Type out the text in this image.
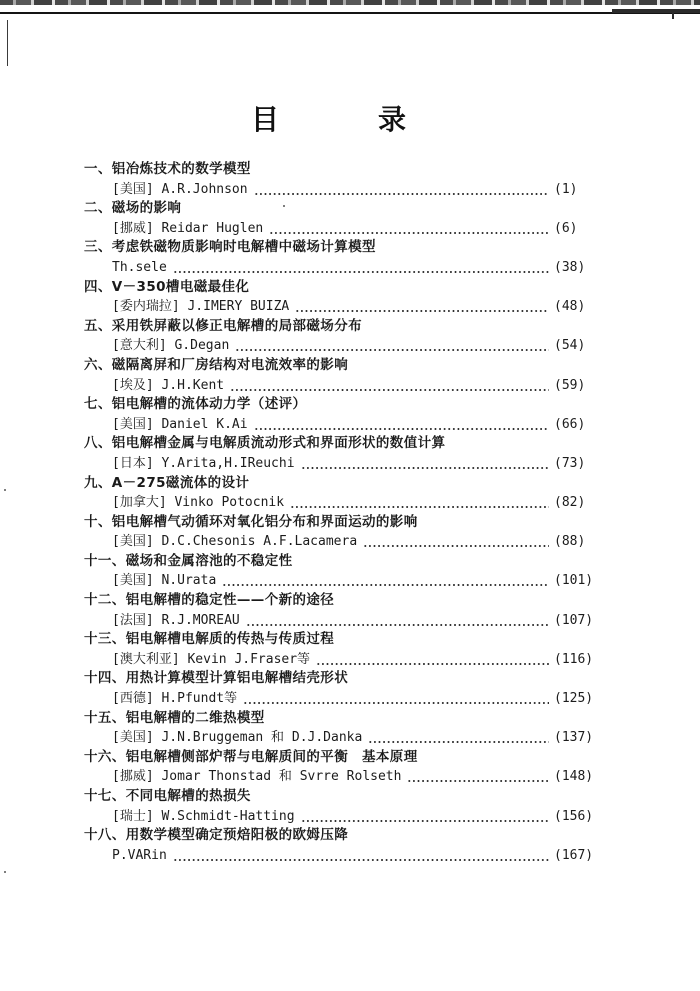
目	录
一、铝冶炼技术的数学模型
[美国] A.R.Johnson	(1)
二、磁场的影响
[挪威] Reidar Huglen	(6)
三、考虑铁磁物质影响时电解槽中磁场计算模型
Th.sele	(38)
四、V－350槽电磁最佳化
[委内瑞拉] J.IMERY BUIZA	(48)
五、采用铁屏蔽以修正电解槽的局部磁场分布
[意大利] G.Degan	(54)
六、磁隔离屏和厂房结构对电流效率的影响
[埃及] J.H.Kent	(59)
七、铝电解槽的流体动力学（述评）
[美国] Daniel K.Ai	(66)
八、铝电解槽金属与电解质流动形式和界面形状的数值计算
[日本] Y.Arita,H.IReuchi	(73)
九、A－275磁流体的设计
[加拿大] Vinko Potocnik	(82)
十、铝电解槽气动循环对氧化铝分布和界面运动的影响
[美国] D.C.Chesonis A.F.Lacamera	(88)
十一、磁场和金属溶池的不稳定性
[美国] N.Urata	(101)
十二、铝电解槽的稳定性——个新的途径
[法国] R.J.MOREAU	(107)
十三、铝电解槽电解质的传热与传质过程
[澳大利亚] Kevin J.Fraser等	(116)
十四、用热计算模型计算铝电解槽结壳形状
[西德] H.Pfundt等	(125)
十五、铝电解槽的二维热模型
[美国] J.N.Bruggeman 和 D.J.Danka	(137)
十六、铝电解槽侧部炉帮与电解质间的平衡　基本原理
[挪威] Jomar Thonstad 和 Svrre Rolseth	(148)
十七、不同电解槽的热损失
[瑞士] W.Schmidt-Hatting	(156)
十八、用数学模型确定预焙阳极的欧姆压降
P.VARin	(167)
